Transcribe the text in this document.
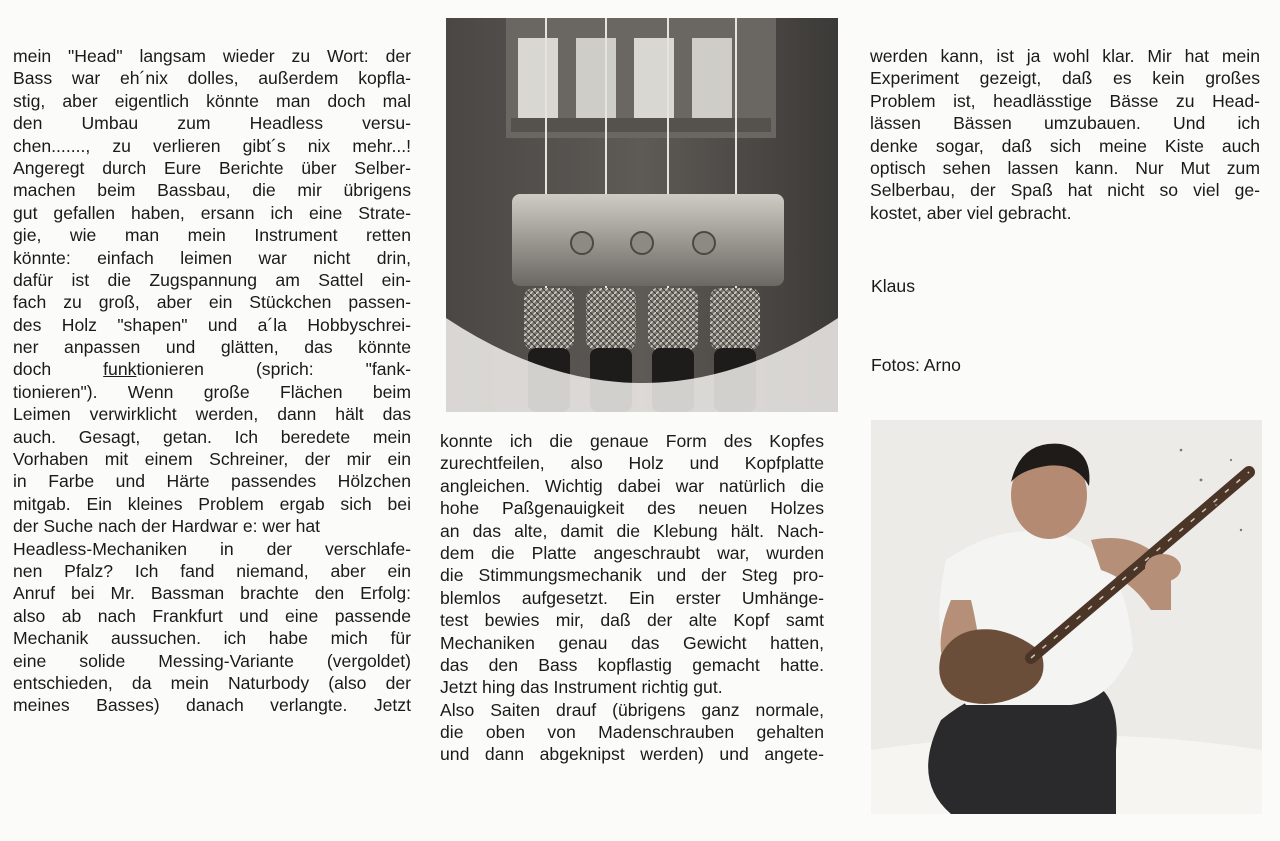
mein "Head" langsam wieder zu Wort: der
Bass war eh´nix dolles, außerdem kopfla-
stig, aber eigentlich könnte man doch mal
den Umbau zum Headless versu-
chen......., zu verlieren gibt´s nix mehr...!
Angeregt durch Eure Berichte über Selber-
machen beim Bassbau, die mir übrigens
gut gefallen haben, ersann ich eine Strate-
gie, wie man mein Instrument retten
könnte: einfach leimen war nicht drin,
dafür ist die Zugspannung am Sattel ein-
fach zu groß, aber ein Stückchen passen-
des Holz "shapen" und a´la Hobbyschrei-
ner anpassen und glätten, das könnte
doch funktionieren (sprich: "fank-
tionieren"). Wenn große Flächen beim
Leimen verwirklicht werden, dann hält das
auch. Gesagt, getan. Ich beredete mein
Vorhaben mit einem Schreiner, der mir ein
in Farbe und Härte passendes Hölzchen
mitgab. Ein kleines Problem ergab sich bei
der Suche nach der Hardwar e: wer hat
Headless-Mechaniken in der verschlafe-
nen Pfalz? Ich fand niemand, aber ein
Anruf bei Mr. Bassman brachte den Erfolg:
also ab nach Frankfurt und eine passende
Mechanik aussuchen. ich habe mich für
eine solide Messing-Variante (vergoldet)
entschieden, da mein Naturbody (also der
meines Basses) danach verlangte. Jetzt
konnte ich die genaue Form des Kopfes
zurechtfeilen, also Holz und Kopfplatte
angleichen. Wichtig dabei war natürlich die
hohe Paßgenauigkeit des neuen Holzes
an das alte, damit die Klebung hält. Nach-
dem die Platte angeschraubt war, wurden
die Stimmungsmechanik und der Steg pro-
blemlos aufgesetzt. Ein erster Umhänge-
test bewies mir, daß der alte Kopf samt
Mechaniken genau das Gewicht hatten,
das den Bass kopflastig gemacht hatte.
Jetzt hing das Instrument richtig gut.
Also Saiten drauf (übrigens ganz normale,
die oben von Madenschrauben gehalten
und dann abgeknipst werden) und angete-
werden kann, ist ja wohl klar. Mir hat mein
Experiment gezeigt, daß es kein großes
Problem ist, headlässtige Bässe zu Head-
lässen Bässen umzubauen. Und ich
denke sogar, daß sich meine Kiste auch
optisch sehen lassen kann. Nur Mut zum
Selberbau, der Spaß hat nicht so viel ge-
kostet, aber viel gebracht.
Klaus
Fotos: Arno
